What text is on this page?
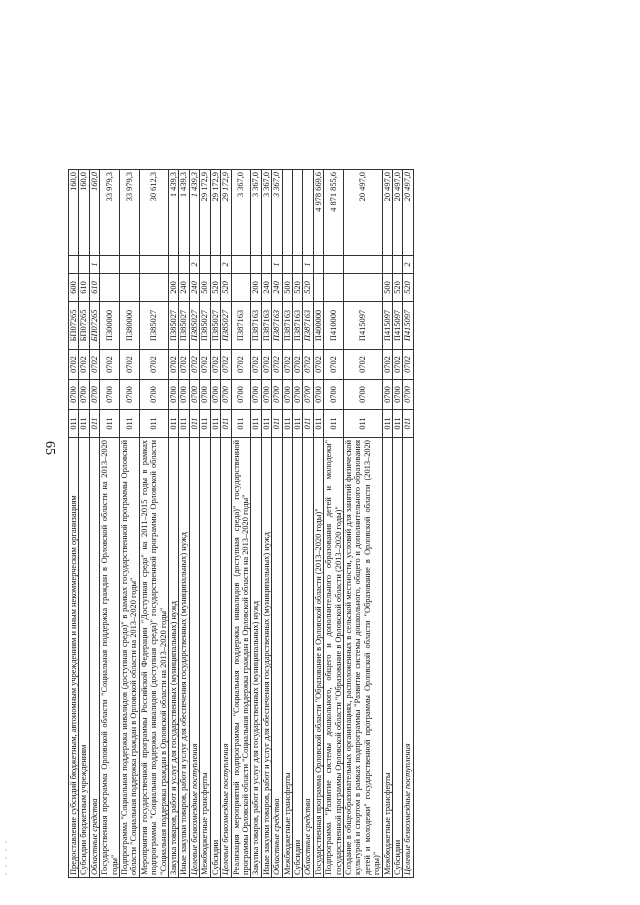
65
Предоставление субсидий бюджетным, автономным учреждениям и иным некоммерческим организациям	011	0700	0702	БП07265	600		160,0	
Субсидии бюджетным учреждениям	011	0700	0702	БП07265	610		160,0	
Областные средства	011	0700	0702	БП07265	610	1	160,0	
Государственная программа Орловской области "Социальная поддержка граждан в Орловской области на 2013–2020 годы"	011	0700	0702	П300000			33 979,3	
Подпрограмма "Социальная поддержка инвалидов (доступная среда)" в рамках государственной программы Орловской области "Социальная поддержка граждан в Орловской области на 2013–2020 годы"	011	0700	0702	П380000			33 979,3	
Мероприятия государственной программы Российской Федерации "Доступная среда" на 2011–2015 годы в рамках подпрограммы "Социальная поддержка инвалидов (доступная среда)" государственной программы Орловской области "Социальная поддержка граждан в Орловской области на 2013–2020 годы"	011	0700	0702	П385027			30 612,3	
Закупка товаров, работ и услуг для государственных (муниципальных) нужд	011	0700	0702	П385027	200		1 439,3	
Иные закупки товаров, работ и услуг для обеспечения государственных (муниципальных) нужд	011	0700	0702	П385027	240		1 439,3	
Целевые безвозмездные поступления	011	0700	0702	П385027	240	2	1 439,3	
Межбюджетные трансферты	011	0700	0702	П385027	500		29 172,9	
Субсидии	011	0700	0702	П385027	520		29 172,9	
Целевые безвозмездные поступления	011	0700	0702	П385027	520	2	29 172,9	
Реализация мероприятий подпрограммы "Социальная поддержка инвалидов (доступная среда)" государственной программы Орловской области "Социальная поддержка граждан в Орловской области на 2013–2020 годы"	011	0700	0702	П387163			3 367,0	
Закупка товаров, работ и услуг для государственных (муниципальных) нужд	011	0700	0702	П387163	200		3 367,0	
Иные закупки товаров, работ и услуг для обеспечения государственных (муниципальных) нужд	011	0700	0702	П387163	240		3 367,0	
Областные средства	011	0700	0702	П387163	240	1	3 367,0	
Межбюджетные трансферты	011	0700	0702	П387163	500			
Субсидии	011	0700	0702	П387163	520			
Областные средства	011	0700	0702	П387163	520	1		
Государственная программа Орловской области "Образование в Орловской области (2013–2020 годы)"	011	0700	0702	П400000			4 978 669,6	
Подпрограмма "Развитие системы дошкольного, общего и дополнительного образования детей и молодежи" государственной программы Орловской области "Образование в Орловской области (2013–2020 годы)"	011	0700	0702	П410000			4 871 855,6	
Создание в общеобразовательных организациях, расположенных в сельской местности, условий для занятий физической культурой и спортом в рамках подпрограммы "Развитие системы дошкольного, общего и дополнительного образования детей и молодежи" государственной программы Орловской области "Образование в Орловской области (2013–2020 годы)"	011	0700	0702	П415097			20 497,0	
Межбюджетные трансферты	011	0700	0702	П415097	500		20 497,0	
Субсидии	011	0700	0702	П415097	520		20 497,0	
Целевые безвозмездные поступления	011	0700	0702	П415097	520	2	20 497,0	
